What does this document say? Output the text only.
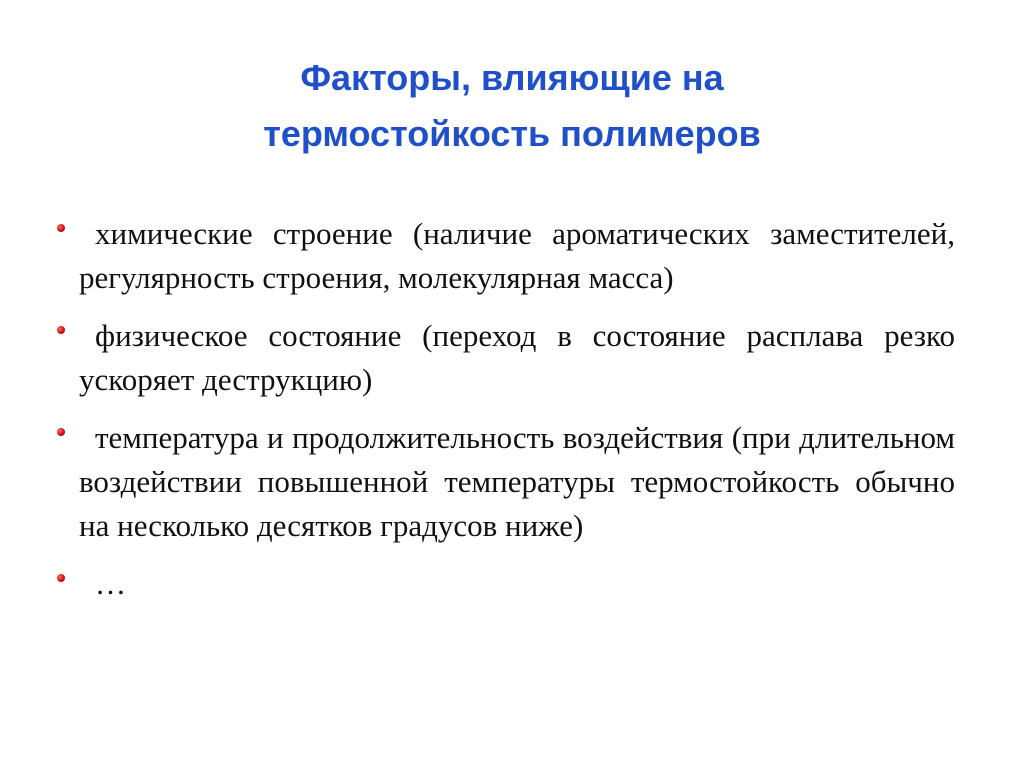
Факторы, влияющие на
термостойкость полимеров

химические строение (наличие ароматических заместителей, регулярность строения, молекулярная масса)

физическое состояние (переход в состояние расплава резко ускоряет деструкцию)

температура и продолжительность воздействия (при длительном воздействии повышенной температуры термостойкость обычно на несколько десятков градусов ниже)

…
